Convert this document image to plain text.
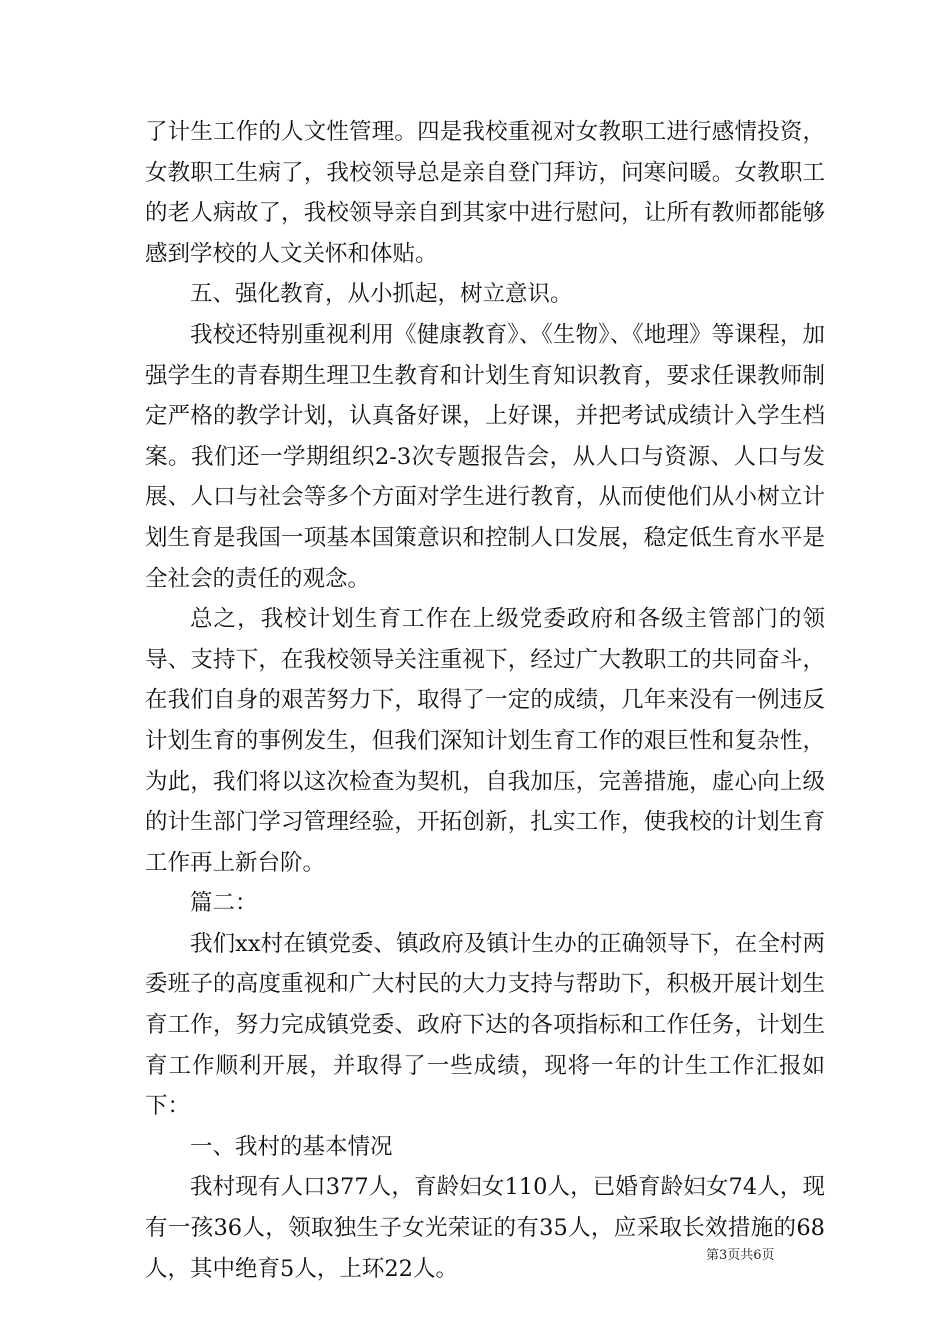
了计生工作的人文性管理。四是我校重视对女教职工进行感情投资，女教职工生病了，我校领导总是亲自登门拜访，问寒问暖。女教职工的老人病故了，我校领导亲自到其家中进行慰问，让所有教师都能够感到学校的人文关怀和体贴。

五、强化教育，从小抓起，树立意识。

我校还特别重视利用《健康教育》、《生物》、《地理》等课程，加强学生的青春期生理卫生教育和计划生育知识教育，要求任课教师制定严格的教学计划，认真备好课，上好课，并把考试成绩计入学生档案。我们还一学期组织2-3次专题报告会，从人口与资源、人口与发展、人口与社会等多个方面对学生进行教育，从而使他们从小树立计划生育是我国一项基本国策意识和控制人口发展，稳定低生育水平是全社会的责任的观念。

总之，我校计划生育工作在上级党委政府和各级主管部门的领导、支持下，在我校领导关注重视下，经过广大教职工的共同奋斗，在我们自身的艰苦努力下，取得了一定的成绩，几年来没有一例违反计划生育的事例发生，但我们深知计划生育工作的艰巨性和复杂性，为此，我们将以这次检查为契机，自我加压，完善措施，虚心向上级的计生部门学习管理经验，开拓创新，扎实工作，使我校的计划生育工作再上新台阶。

篇二：

我们xx村在镇党委、镇政府及镇计生办的正确领导下，在全村两委班子的高度重视和广大村民的大力支持与帮助下，积极开展计划生育工作，努力完成镇党委、政府下达的各项指标和工作任务，计划生育工作顺利开展，并取得了一些成绩，现将一年的计生工作汇报如下：

一、我村的基本情况

我村现有人口377人，育龄妇女110人，已婚育龄妇女74人，现有一孩36人，领取独生子女光荣证的有35人，应采取长效措施的68人，其中绝育5人，上环22人。

第3页共6页
